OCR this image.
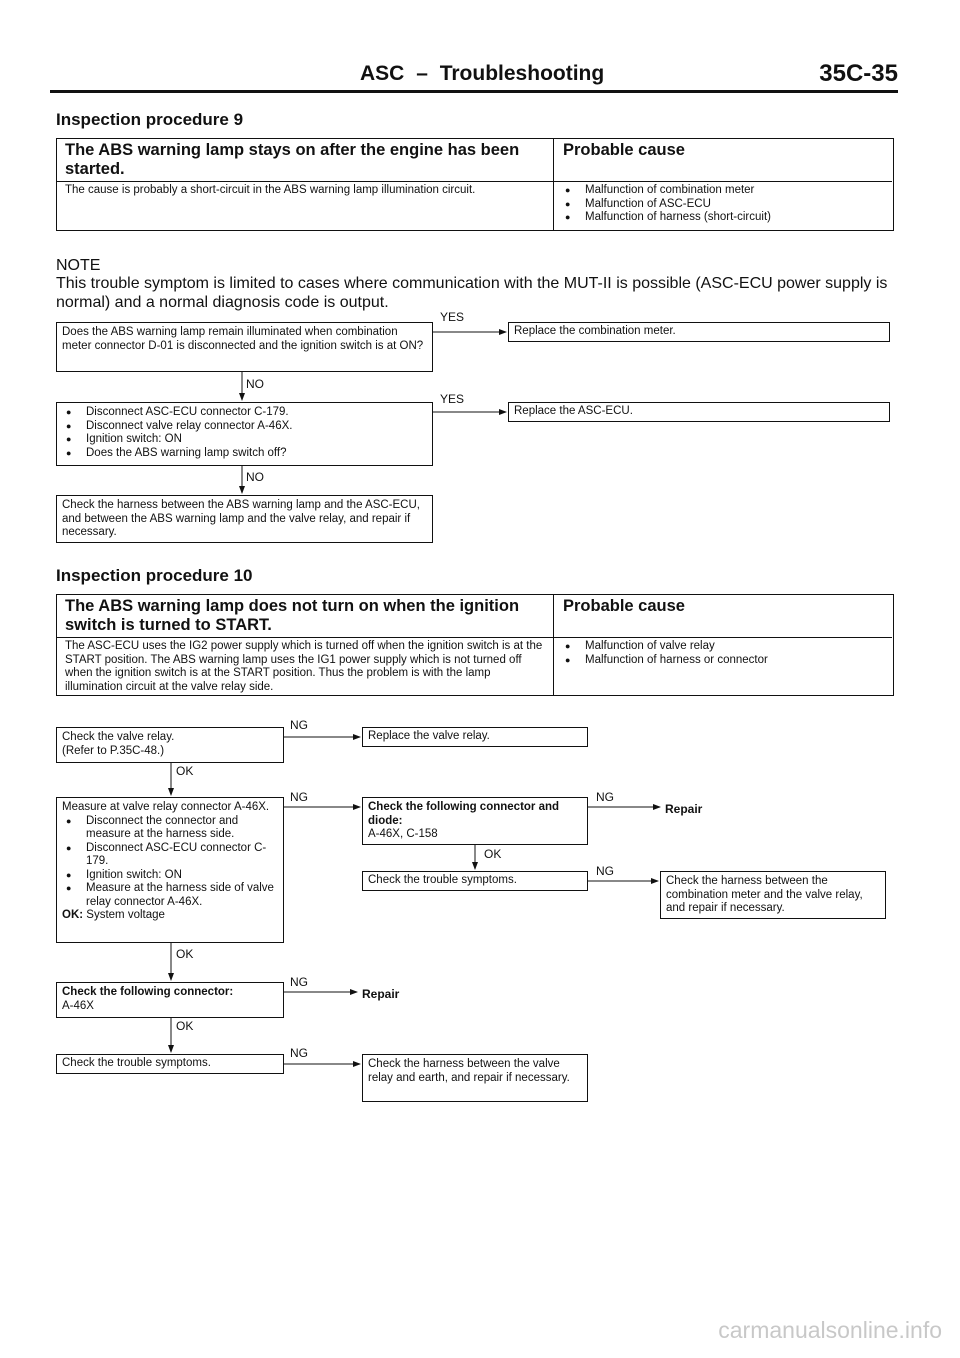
ASC – Troubleshooting	35C-35
Inspection procedure 9
The ABS warning lamp stays on after the engine has been started.
Probable cause
The cause is probably a short-circuit in the ABS warning lamp illumination circuit.
●	Malfunction of combination meter
● Malfunction of ASC-ECU
● Malfunction of harness (short-circuit)
NOTE
This trouble symptom is limited to cases where communication with the MUT-II is possible (ASC-ECU power supply is normal) and a normal diagnosis code is output.
Does the ABS warning lamp remain illuminated when combination meter connector D-01 is disconnected and the ignition switch is at ON?
Replace the combination meter.
YES
NO
● Disconnect ASC-ECU connector C-179.
● Disconnect valve relay connector A-46X.
● Ignition switch: ON
● Does the ABS warning lamp switch off?
Replace the ASC-ECU.
YES
NO
Check the harness between the ABS warning lamp and the ASC-ECU, and between the ABS warning lamp and the valve relay, and repair if necessary.
Inspection procedure 10
The ABS warning lamp does not turn on when the ignition switch is turned to START.
Probable cause
The ASC-ECU uses the IG2 power supply which is turned off when the ignition switch is at the START position. The ABS warning lamp uses the IG1 power supply which is not turned off when the ignition switch is at the START position. Thus the problem is with the lamp illumination circuit at the valve relay side.
● Malfunction of valve relay
● Malfunction of harness or connector
Check the valve relay.
(Refer to P.35C-48.)
NG
Replace the valve relay.
OK
Measure at valve relay connector A-46X.
● Disconnect the connector and measure at the harness side.
● Disconnect ASC-ECU connector C-179.
● Ignition switch: ON
● Measure at the harness side of valve relay connector A-46X.
OK: System voltage
NG
Check the following connector and diode:
A-46X, C-158
NG
Repair
OK
Check the trouble symptoms.
NG
Check the harness between the combination meter and the valve relay, and repair if necessary.
OK
Check the following connector:
A-46X
NG
Repair
OK
Check the trouble symptoms.
NG
Check the harness between the valve relay and earth, and repair if necessary.
carmanualsonline.info
